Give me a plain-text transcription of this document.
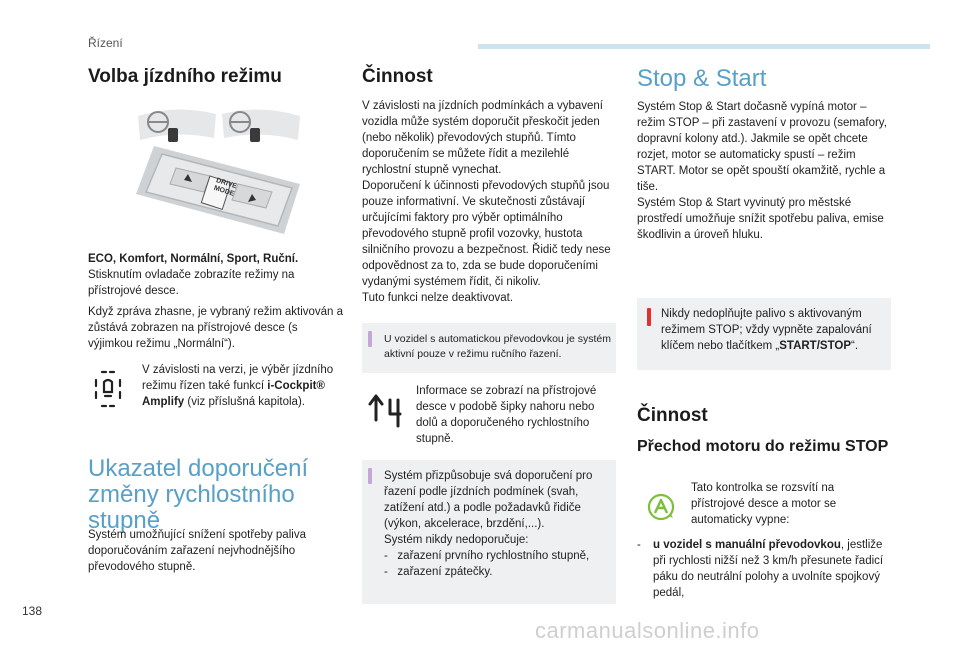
Řízení
Volba jízdního režimu
DRIVE MODE

ECO, Komfort, Normální, Sport, Ruční.
Stisknutím ovladače zobrazíte režimy na přístrojové desce.

Když zpráva zhasne, je vybraný režim aktivován a zůstává zobrazen na přístrojové desce (s výjimkou režimu „Normální“).

V závislosti na verzi, je výběr jízdního režimu řízen také funkcí i-Cockpit® Amplify (viz příslušná kapitola).

Ukazatel doporučení změny rychlostního stupně

Systém umožňující snížení spotřeby paliva doporučováním zařazení nejvhodnějšího převodového stupně.

Činnost

V závislosti na jízdních podmínkách a vybavení vozidla může systém doporučit přeskočit jeden (nebo několik) převodových stupňů. Tímto doporučením se můžete řídit a mezilehlé rychlostní stupně vynechat.

Doporučení k účinnosti převodových stupňů jsou pouze informativní. Ve skutečnosti zůstávají určujícími faktory pro výběr optimálního převodového stupně profil vozovky, hustota silničního provozu a bezpečnost. Řidič tedy nese odpovědnost za to, zda se bude doporučeními vydanými systémem řídit, či nikoliv.

Tuto funkci nelze deaktivovat.

U vozidel s automatickou převodovkou je systém aktivní pouze v režimu ručního řazení.

Informace se zobrazí na přístrojové desce v podobě šipky nahoru nebo dolů a doporučeného rychlostního stupně.

Systém přizpůsobuje svá doporučení pro řazení podle jízdních podmínek (svah, zatížení atd.) a podle požadavků řidiče (výkon, akcelerace, brzdění,...).

Systém nikdy nedoporučuje:

-   zařazení prvního rychlostního stupně,

-   zařazení zpátečky.

Stop & Start

Systém Stop & Start dočasně vypíná motor – režim STOP – při zastavení v provozu (semafory, dopravní kolony atd.). Jakmile se opět chcete rozjet, motor se automaticky spustí – režim START. Motor se opět spouští okamžitě, rychle a tiše.

Systém Stop & Start vyvinutý pro městské prostředí umožňuje snížit spotřebu paliva, emise škodlivin a úroveň hluku.

Nikdy nedoplňujte palivo s aktivovaným režimem STOP; vždy vypněte zapalování klíčem nebo tlačítkem „START/STOP“.

Činnost
Přechod motoru do režimu STOP

Tato kontrolka se rozsvítí na přístrojové desce a motor se automaticky vypne:

- u vozidel s manuální převodovkou, jestliže při rychlosti nižší než 3 km/h přesunete řadicí páku do neutrální polohy a uvolníte spojkový pedál,

138
carmanualsonline.info
